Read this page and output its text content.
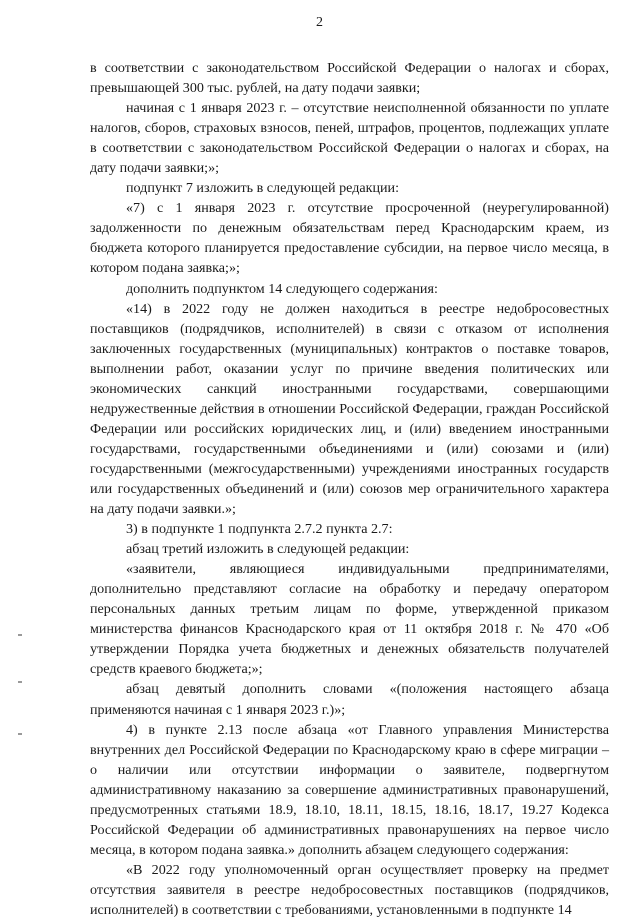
2

в соответствии с законодательством Российской Федерации о налогах и сборах, превышающей 300 тыс. рублей, на дату подачи заявки;

начиная с 1 января 2023 г. – отсутствие неисполненной обязанности по уплате налогов, сборов, страховых взносов, пеней, штрафов, процентов, подлежащих уплате в соответствии с законодательством Российской Федерации о налогах и сборах, на дату подачи заявки;»;

подпункт 7 изложить в следующей редакции:

«7) с 1 января 2023 г. отсутствие просроченной (неурегулированной) задолженности по денежным обязательствам перед Краснодарским краем, из бюджета которого планируется предоставление субсидии, на первое число месяца, в котором подана заявка;»;

дополнить подпунктом 14 следующего содержания:

«14) в 2022 году не должен находиться в реестре недобросовестных поставщиков (подрядчиков, исполнителей) в связи с отказом от исполнения заключенных государственных (муниципальных) контрактов о поставке товаров, выполнении работ, оказании услуг по причине введения политических или экономических санкций иностранными государствами, совершающими недружественные действия в отношении Российской Федерации, граждан Российской Федерации или российских юридических лиц, и (или) введением иностранными государствами, государственными объединениями и (или) союзами и (или) государственными (межгосударственными) учреждениями иностранных государств или государственных объединений и (или) союзов мер ограничительного характера на дату подачи заявки.»;

3) в подпункте 1 подпункта 2.7.2 пункта 2.7:

абзац третий изложить в следующей редакции:

«заявители, являющиеся индивидуальными предпринимателями, дополнительно представляют согласие на обработку и передачу оператором персональных данных третьим лицам по форме, утвержденной приказом министерства финансов Краснодарского края от 11 октября 2018 г. № 470 «Об утверждении Порядка учета бюджетных и денежных обязательств получателей средств краевого бюджета;»;

абзац девятый дополнить словами «(положения настоящего абзаца применяются начиная с 1 января 2023 г.)»;

4) в пункте 2.13 после абзаца «от Главного управления Министерства внутренних дел Российской Федерации по Краснодарскому краю в сфере миграции – о наличии или отсутствии информации о заявителе, подвергнутом административному наказанию за совершение административных правонарушений, предусмотренных статьями 18.9, 18.10, 18.11, 18.15, 18.16, 18.17, 19.27 Кодекса Российской Федерации об административных правонарушениях на первое число месяца, в котором подана заявка.» дополнить абзацем следующего содержания:

«В 2022 году уполномоченный орган осуществляет проверку на предмет отсутствия заявителя в реестре недобросовестных поставщиков (подрядчиков, исполнителей) в соответствии с требованиями, установленными в подпункте 14
